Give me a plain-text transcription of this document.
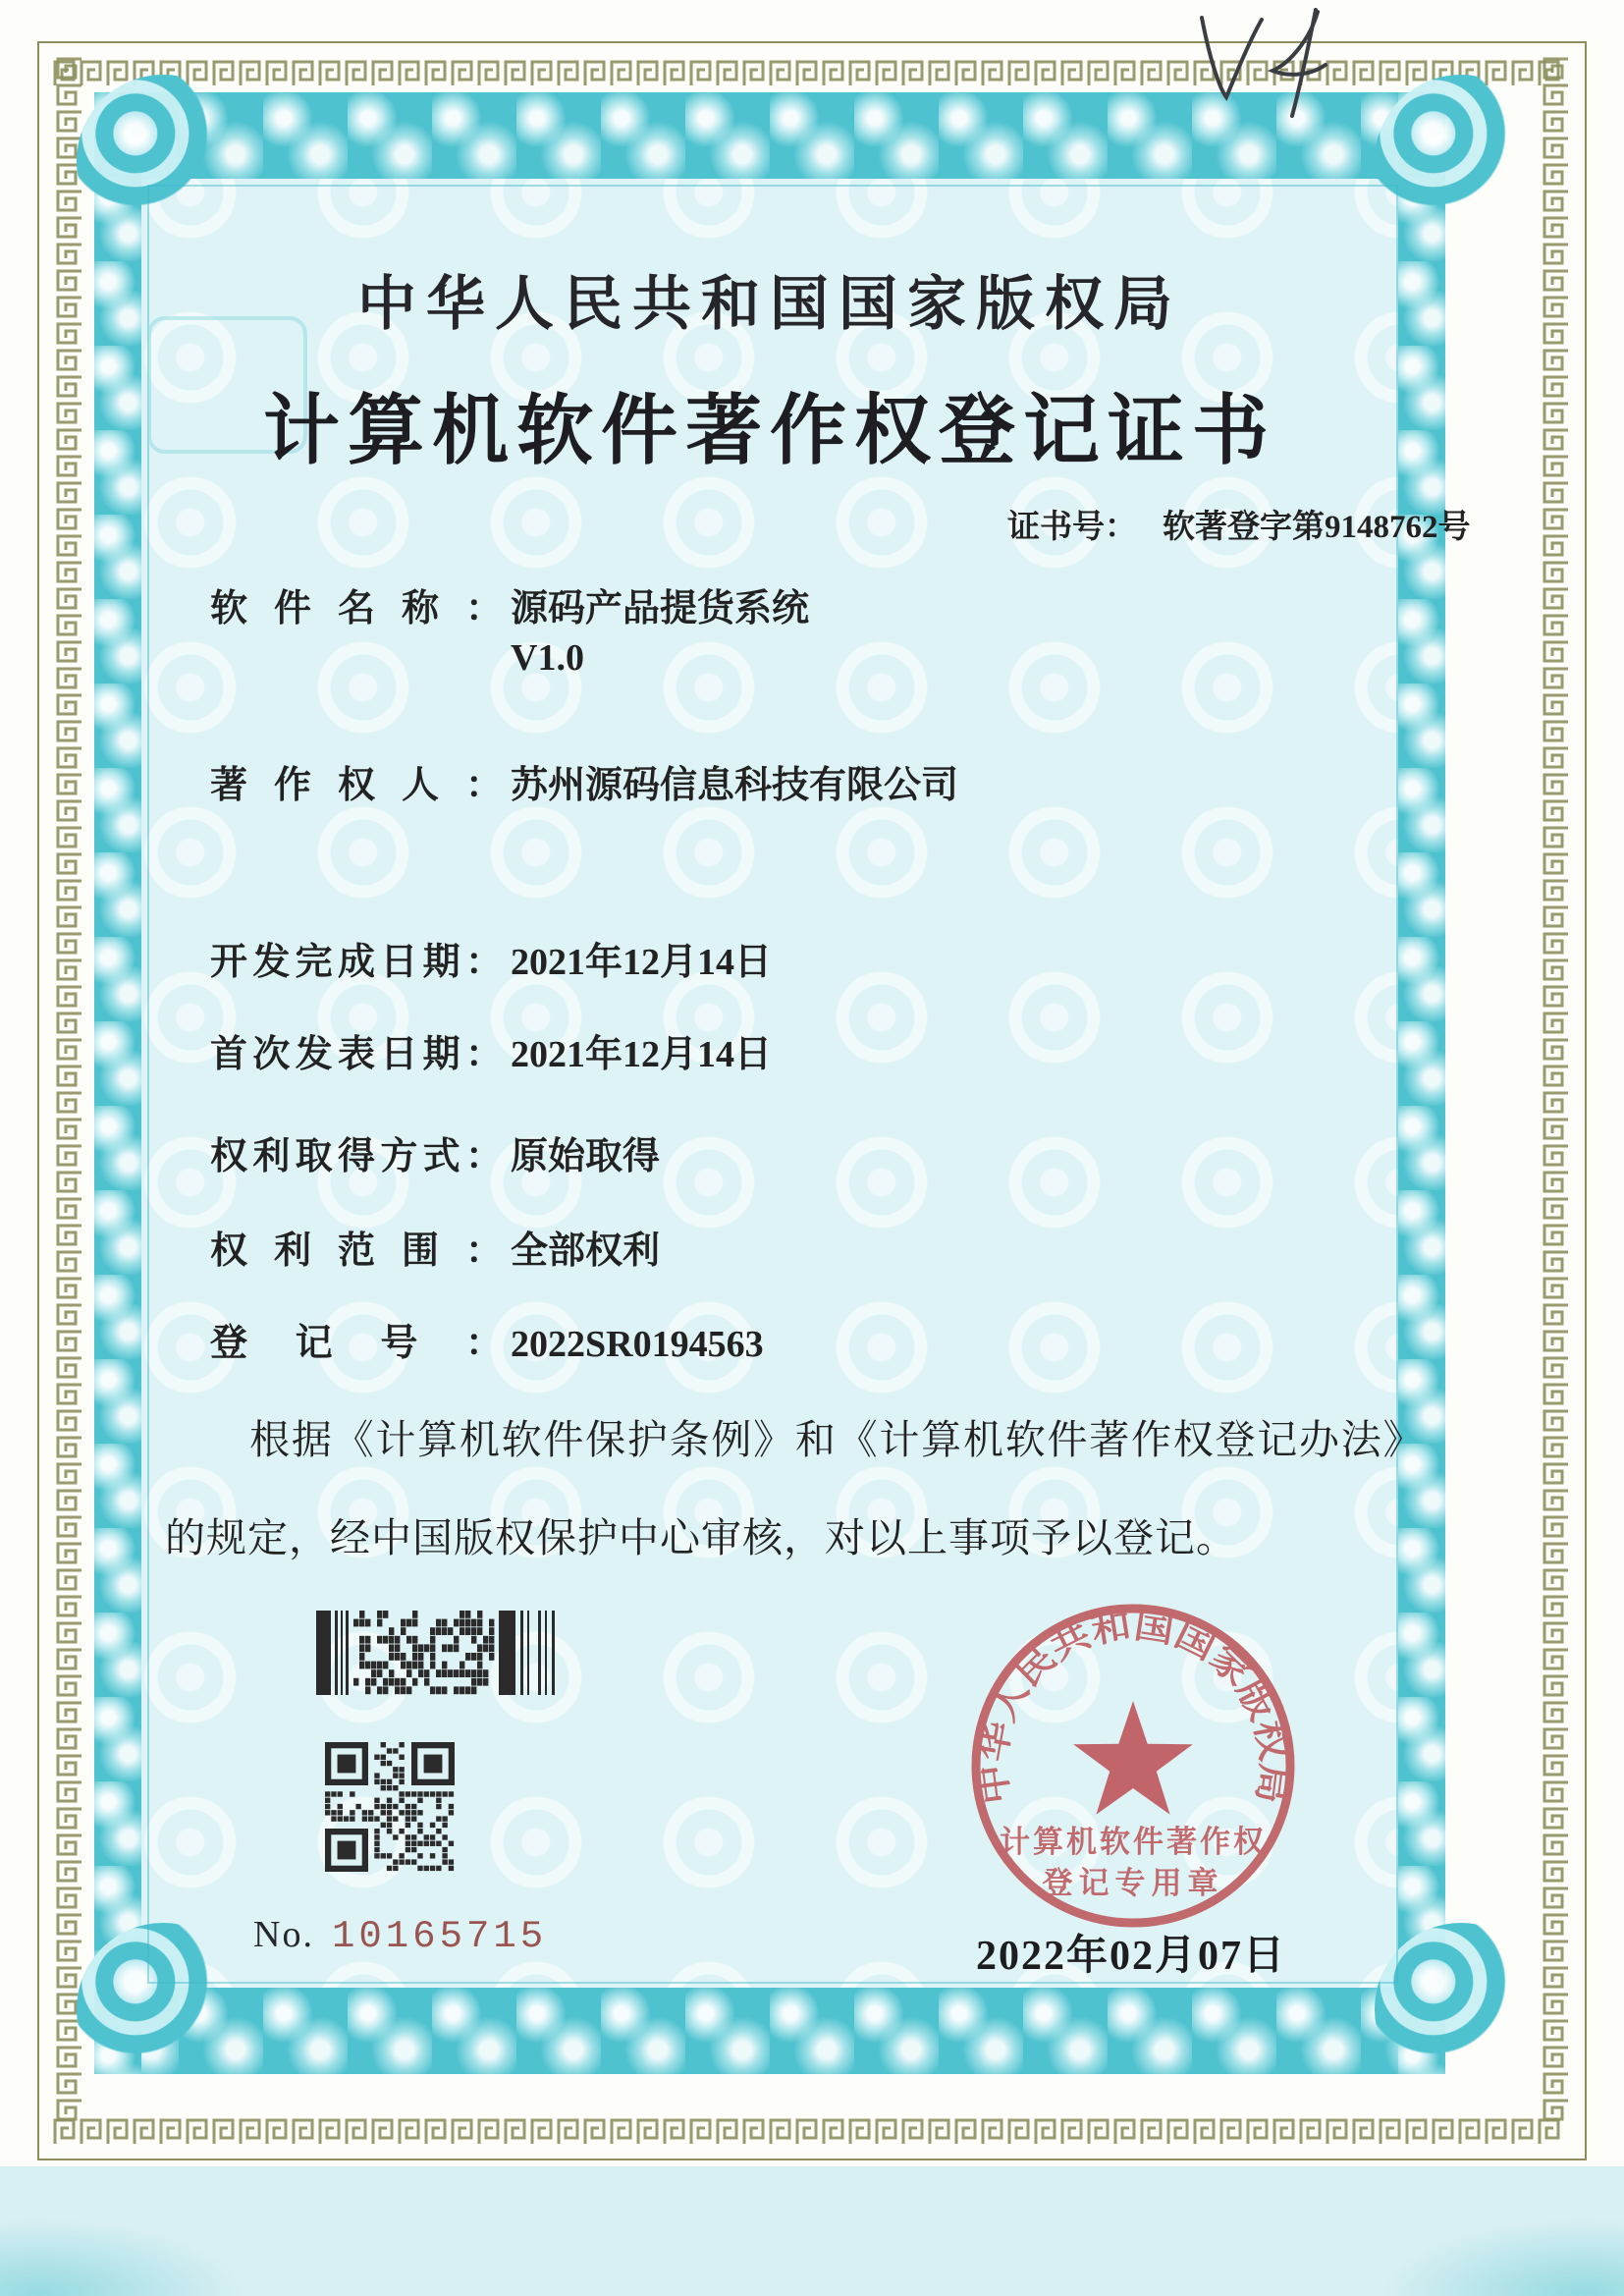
中华人民共和国国家版权局
计算机软件著作权登记证书
证书号： 软著登字第9148762号
软件名称： 源码产品提货系统
V1.0
著作权人： 苏州源码信息科技有限公司
开发完成日期： 2021年12月14日
首次发表日期： 2021年12月14日
权利取得方式： 原始取得
权利范围： 全部权利
登记号： 2022SR0194563
根据《计算机软件保护条例》和《计算机软件著作权登记办法》的规定，经中国版权保护中心审核，对以上事项予以登记。
No. 10165715
中华人民共和国国家版权局
计算机软件著作权
登记专用章
2022年02月07日
